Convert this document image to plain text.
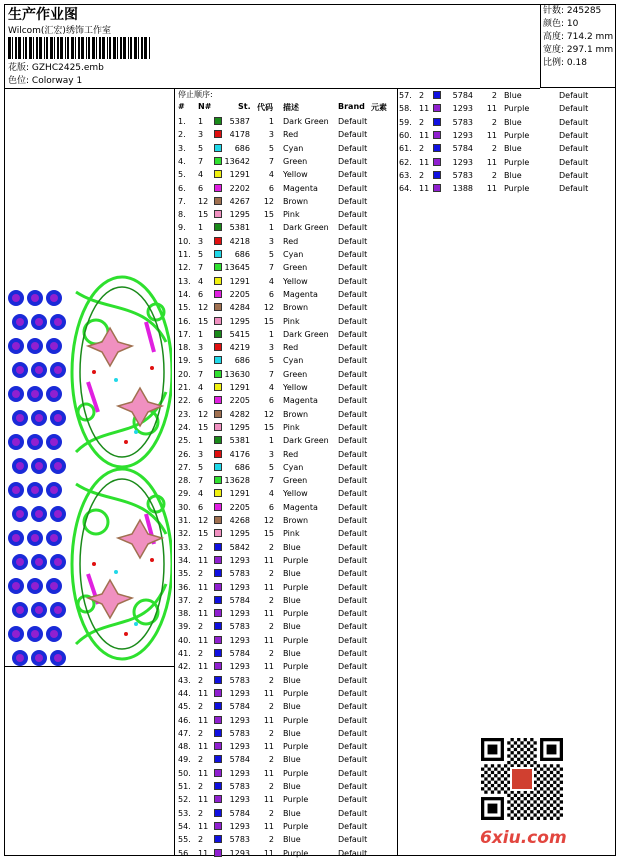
生产作业图
Wilcom(汇宏)绣饰工作室
花版: GZHC2425.emb
色位: Colorway 1
针数: 245285
颜色: 10
高度: 714.2 mm
宽度: 297.1 mm
比例: 0.18
停止顺序:
# N#	St. 代码 描述	Brand 元素
1. 1	5387 1 Dark Green Default
2. 3	4178 3 Red	Default
3. 5	686 5 Cyan	Default
4. 7	13642 7 Green	Default
5. 4	1291 4 Yellow	Default
6. 6	2202 6 Magenta	Default
7. 12	4267 12 Brown	Default
8. 15	1295 15 Pink	Default
9. 1	5381 1 Dark Green Default
10. 3	4218 3 Red	Default
11. 5	686 5 Cyan	Default
12. 7	13645 7 Green	Default
13. 4	1291 4 Yellow	Default
14. 6	2205 6 Magenta	Default
15. 12	4284 12 Brown	Default
16. 15	1295 15 Pink	Default
17. 1	5415 1 Dark Green Default
18. 3	4219 3 Red	Default
19. 5	686 5 Cyan	Default
20. 7	13630 7 Green	Default
21. 4	1291 4 Yellow	Default
22. 6	2205 6 Magenta	Default
23. 12	4282 12 Brown	Default
24. 15	1295 15 Pink	Default
25. 1	5381 1 Dark Green Default
26. 3	4176 3 Red	Default
27. 5	686 5 Cyan	Default
28. 7	13628 7 Green	Default
29. 4	1291 4 Yellow	Default
30. 6	2205 6 Magenta	Default
31. 12	4268 12 Brown	Default
32. 15	1295 15 Pink	Default
33. 2	5842 2 Blue	Default
34. 11	1293 11 Purple	Default
35. 2	5783 2 Blue	Default
36. 11	1293 11 Purple	Default
37. 2	5784 2 Blue	Default
38. 11	1293 11 Purple	Default
39. 2	5783 2 Blue	Default
40. 11	1293 11 Purple	Default
41. 2	5784 2 Blue	Default
42. 11	1293 11 Purple	Default
43. 2	5783 2 Blue	Default
44. 11	1293 11 Purple	Default
45. 2	5784 2 Blue	Default
46. 11	1293 11 Purple	Default
47. 2	5783 2 Blue	Default
48. 11	1293 11 Purple	Default
49. 2	5784 2 Blue	Default
50. 11	1293 11 Purple	Default
51. 2	5783 2 Blue	Default
52. 11	1293 11 Purple	Default
53. 2	5784 2 Blue	Default
54. 11	1293 11 Purple	Default
55. 2	5783 2 Blue	Default
56. 11	1293 11 Purple	Default
57. 2	5784 2 Blue	Default
58. 11	1293 11 Purple	Default
59. 2	5783 2 Blue	Default
60. 11	1293 11 Purple	Default
61. 2	5784 2 Blue	Default
62. 11	1293 11 Purple	Default
63. 2	5783 2 Blue	Default
64. 11	1388 11 Purple	Default
6xiu.com
